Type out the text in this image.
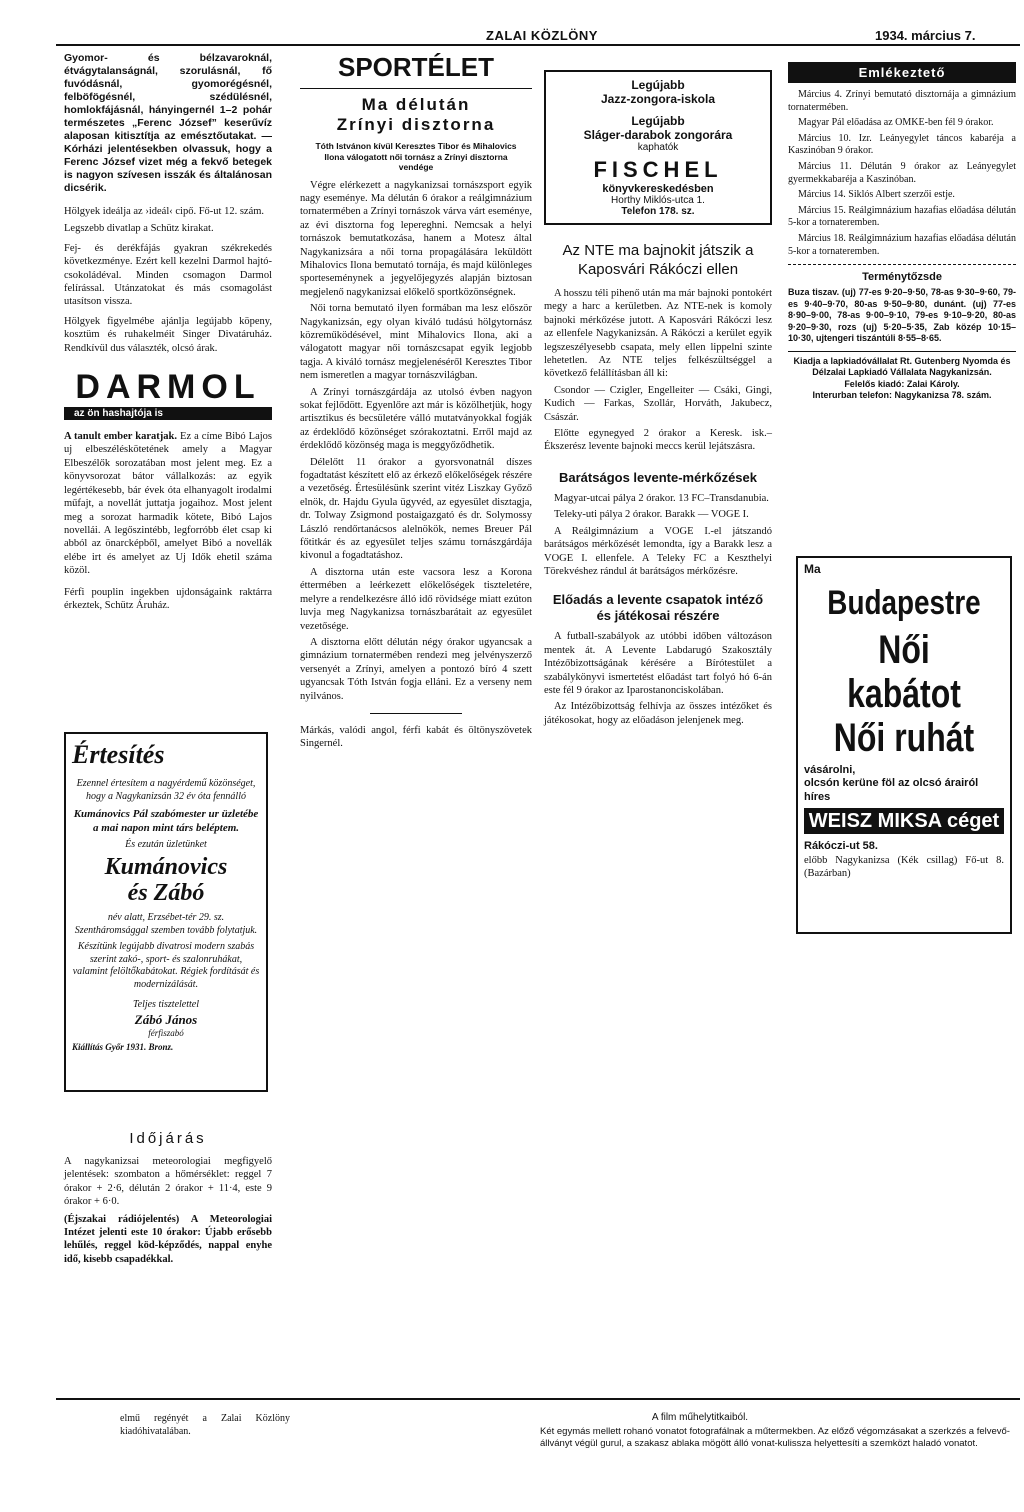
ZALAI KÖZLÖNY	1934. március 7.
Gyomor- és bélzavaroknál, étvágytalanságnál, szorulásnál, fő fuvódásnál, gyomorégésnél, felböfögésnél, szédülésnél, homlokfájásnál, hányingernél 1–2 pohár természetes „Ferenc József” keserűvíz alaposan kitisztítja az emésztőutakat. — Kórházi jelentésekben olvassuk, hogy a Ferenc József vizet még a fekvő betegek is nagyon szívesen isszák és általánosan dicsérik.
Hölgyek ideálja az ›ideál‹ cipő. Fő-ut 12. szám.
Legszebb divatlap a Schütz kirakat.
Fej- és derékfájás gyakran székrekedés következménye. Ezért kell kezelni Darmol hajtó-csokoládéval. Minden csomagon Darmol felírással. Utánzatokat és más csomagolást utasítson vissza.
Hölgyek figyelmébe ajánlja legújabb köpeny, kosztüm és ruhakelméit Singer Divatáruház. Rendkívül dus választék, olcsó árak.
DARMOL
az ön hashajtója is
A tanult ember karatjak. Ez a címe Bibó Lajos uj elbeszéléskötetének amely a Magyar Elbeszélők sorozatában most jelent meg. Ez a könyvsorozat bátor vállalkozás: az egyik legértékesebb, bár évek óta elhanyagolt irodalmi műfajt, a novellát juttatja jogaihoz. Most jelent meg a sorozat harmadik kötete, Bibó Lajos novellái. A legőszintébb, legforróbb élet csap ki abból az önarcképből, amelyet Bibó a novellák elébe irt és amelyet az Uj Idők ehetil száma közöl.
Férfi pouplin ingekben ujdonságaink raktárra érkeztek, Schütz Áruház.
Értesítés
Ezennel értesítem a nagyérdemű közönséget, hogy a Nagykanizsán 32 év óta fennálló
Kumánovics Pál szabómester ur üzletébe a mai napon mint társ beléptem.
És ezután üzletünket
Kumánovics
és Zábó
név alatt, Erzsébet-tér 29. sz. Szentháromsággal szemben tovább folytatjuk.
Készítünk legújabb divatrosi modern szabás szerint zakó-, sport- és szalonruhákat, valamint felöltőkabátokat. Régiek fordítását és modernizálását.
Teljes tisztelettel
Zábó János
férfiszabó
Kiállítás Győr 1931. Bronz.
Időjárás
A nagykanizsai meteorologiai megfigyelő jelentések: szombaton a hőmérséklet: reggel 7 órakor + 2·6, délután 2 órakor + 11·4, este 9 órakor + 6·0.
(Éjszakai rádiójelentés) A Meteorologiai Intézet jelenti este 10 órakor: Újabb erősebb lehűlés, reggel köd-képződés, nappal enyhe idő, kisebb csapadékkal.
SPORTÉLET
Ma délután
Zrínyi disztorna
Tóth Istvánon kívül Keresztes Tibor és Mihalovics Ilona válogatott női tornász a Zrínyi disztorna vendége

Végre elérkezett a nagykanizsai tornászsport egyik nagy eseménye. Ma délután 6 órakor a reálgimnázium tornatermében a Zrínyi tornászok várva várt eseménye, az évi disztorna fog lepereghni. Nemcsak a helyi tornászok bemutatkozása, hanem a Motesz által Nagykanizsára a női torna propagálására leküldött Mihalovics Ilona bemutató tornája, és majd különleges sporteseménynek a jegyelőjegyzés alapján biztosan megjelenő nagykanizsai előkelő sportközönségnek.

Női torna bemutató ilyen formában ma lesz először Nagykanizsán, egy olyan kiváló tudású hölgytornász közreműködésével, mint Mihalovics Ilona, aki a válogatott magyar női tornászcsapat egyik legjobb tagja. A kiváló tornász megjelenéséről Keresztes Tibor nem ismeretlen a magyar tornászvilágban.

A Zrínyi tornászgárdája az utolsó évben nagyon sokat fejlődött. Egyenlőre azt már is közölhetjük, hogy artisztikus és becsületére válló mutatványokkal fogják az érdeklődő közönséget szórakoztatni. Erről majd az érdeklődő közönség maga is meggyőződhetik.

Délelőtt 11 órakor a gyorsvonatnál díszes fogadtatást készített elő az érkező előkelőségek részére a vezetőség. Értesülésünk szerint vitéz Liszkay Győző elnök, dr. Hajdu Gyula ügyvéd, az egyesület disztagja, dr. Tolway Zsigmond postaigazgató és dr. Solymossy László rendőrtanácsos alelnökök, nemes Breuer Pál főtitkár és az egyesület teljes számu tornászgárdája kivonul a fogadtatáshoz.

A disztorna után este vacsora lesz a Korona éttermében a leérkezett előkelőségek tiszteletére, melyre a rendelkezésre álló idő rövidsége miatt ezúton luvja meg Nagykanizsa tornászbarátait az egyesület vezetősége.

A disztorna előtt délután négy órakor ugyancsak a gimnázium tornatermében rendezi meg jelvényszerző versenyét a Zrínyi, amelyen a pontozó bíró 4 szett ugyancsak Tóth István fogja elláni. Ez a verseny nem nyilvános.

Márkás, valódi angol, férfi kabát és öltönyszövetek Singernél.
Legújabb
Jazz-zongora-iskola
Legújabb
Sláger-darabok zongorára
kaphatók
FISCHEL
könyvkereskedésben
Horthy Miklós-utca 1.
Telefon 178. sz.
Az NTE ma bajnokit játszik a Kaposvári Rákóczi ellen

A hosszu téli pihenő után ma már bajnoki pontokért megy a harc a kerületben. Az NTE-nek is komoly bajnoki mérkőzése jutott. A Kaposvári Rákóczi lesz az ellenfele Nagykanizsán. A Rákóczi a kerület egyik legszeszélyesebb csapata, mely ellen lippelni szinte lehetetlen. Az NTE teljes felkészültséggel a következő felállításban áll ki:

Csondor — Czigler, Engelleiter — Csáki, Gingi, Kudich — Farkas, Szollár, Horváth, Jakubecz, Császár.

Előtte egynegyed 2 órakor a Keresk. isk.–Ékszerész levente bajnoki meccs kerül lejátszásra.

Barátságos levente-mérkőzések

Magyar-utcai pálya 2 órakor. 13 FC–Transdanubia.

Teleky-uti pálya 2 órakor. Barakk — VOGE I.

A Reálgimnázium a VOGE I.-el játszandó barátságos mérkőzését lemondta, így a Barakk lesz a VOGE I. ellenfele. A Teleky FC a Keszthelyi Törekvéshez rándul át barátságos mérkőzésre.

Előadás a levente csapatok intéző és játékosai részére

A futball-szabályok az utóbbi időben változáson mentek át. A Levente Labdarugó Szakosztály Intézőbizottságának kérésére a Bírótestület a szabálykönyvi ismertetést előadást tart folyó hó 6-án este fél 9 órakor az Iparostanonciskolában.

Az Intézőbizottság felhívja az összes intézőket és játékosokat, hogy az előadáson jelenjenek meg.

Emlékeztető

Március 4. Zrínyi bemutató disztornája a gimnázium tornatermében.

Magyar Pál előadása az OMKE-ben fél 9 órakor.

Március 10. Izr. Leányegylet táncos kabaréja a Kaszinóban 9 órakor.

Március 11. Délután 9 órakor az Leányegylet gyermekkabaréja a Kaszinóban.

Március 14. Siklós Albert szerzői estje.

Március 15. Reálgimnázium hazafias előadása délután 5-kor a tornateremben.

Március 18. Reálgimnázium hazafias előadása délután 5-kor a tornateremben.

Terménytőzsde
Buza tiszav. (uj) 77-es 9·20–9·50, 78-as 9·30–9·60, 79-es 9·40–9·70, 80-as 9·50–9·80, dunánt. (uj) 77-es 8·90–9·00, 78-as 9·00–9·10, 79-es 9·10–9·20, 80-as 9·20–9·30, rozs (uj) 5·20–5·35, Zab közép 10·15–10·30, ujtengeri tiszántúli 8·55–8·65.
Kiadja a lapkiadóvállalat Rt. Gutenberg Nyomda és Délzalai Lapkiadó Vállalata Nagykanizsán.
Felelős kiadó: Zalai Károly.
Interurban telefon: Nagykanizsa 78. szám.
Ma
Budapestre
Női kabátot
Női ruhát
vásárolni,
olcsón kerüne föl az olcsó árairól híres
WEISZ MIKSA céget
Rákóczi-ut 58.
előbb Nagykanizsa (Kék csillag) Fő-ut 8. (Bazárban)
elmű regényét a Zalai Közlöny kiadóhivatalában.
A film műhelytitkaiból.
Két egymás mellett rohanó vonatot fotografálnak a műtermekben. Az előző végomzásakat a szerkzés a felvevő-állványt végül gurul, a szakasz ablaka mögött álló vonat-kulissza helyettesíti a szemközt haladó vonatot.
